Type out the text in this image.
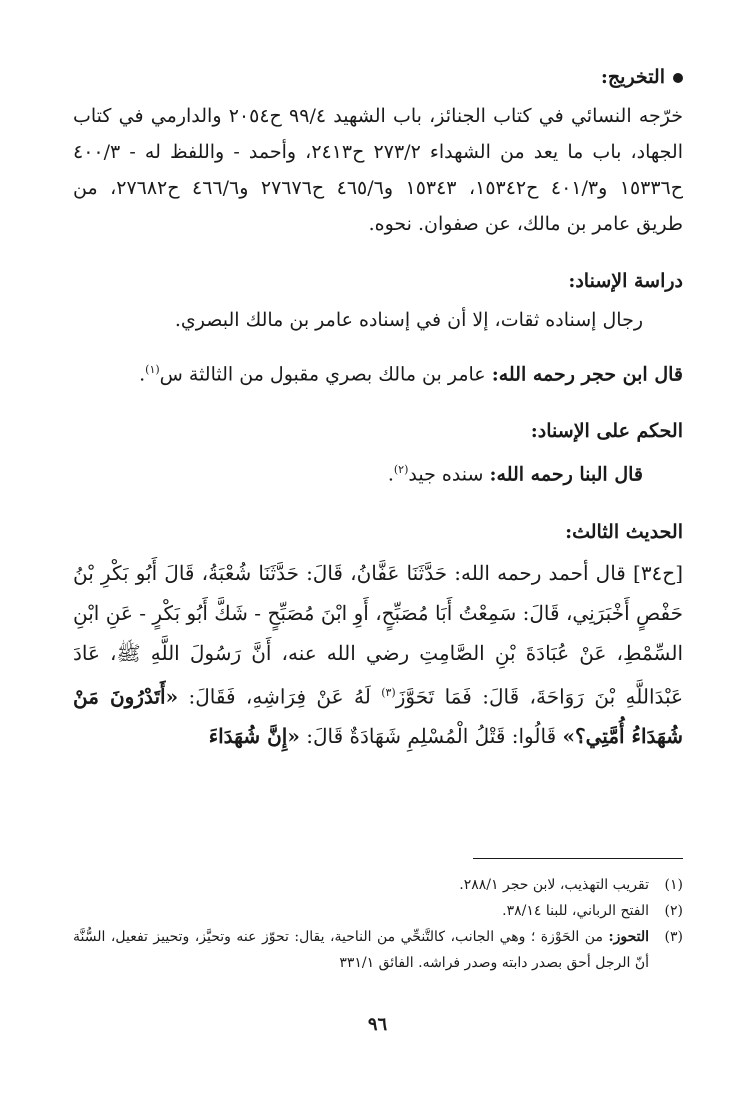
التخريج:
خرّجه النسائي في كتاب الجنائز، باب الشهيد ٩٩/٤ ح٢٠٥٤ والدارمي في كتاب الجهاد، باب ما يعد من الشهداء ٢٧٣/٢ ح٢٤١٣، وأحمد - واللفظ له - ٤٠٠/٣ ح١٥٣٣٦ و٤٠١/٣ ح١٥٣٤٢، ١٥٣٤٣ و٤٦٥/٦ ح٢٧٦٧٦ و٤٦٦/٦ ح٢٧٦٨٢، من طريق عامر بن مالك، عن صفوان. نحوه.
دراسة الإسناد:
رجال إسناده ثقات، إلا أن في إسناده عامر بن مالك البصري.
قال ابن حجر رحمه الله: عامر بن مالك بصري مقبول من الثالثة س$^{(١)}$.
الحكم على الإسناد:
قال البنا رحمه الله: سنده جيد$^{(٢)}$.
الحديث الثالث:
[ح٣٤] قال أحمد رحمه الله: حَدَّثَنَا عَفَّانُ، قَالَ: حَدَّثَنَا شُعْبَةُ، قَالَ أَبُو بَكْرِ بْنُ حَفْصٍ أَخْبَرَنِي، قَالَ: سَمِعْتُ أَبَا مُصَبِّحٍ، أَوِ ابْنَ مُصَبِّحٍ - شَكَّ أَبُو بَكْرٍ - عَنِ ابْنِ السِّمْطِ، عَنْ عُبَادَةَ بْنِ الصَّامِتِ رضي الله عنه، أَنَّ رَسُولَ اللَّهِ ﷺ، عَادَ عَبْدَاللَّهِ بْنَ رَوَاحَةَ، قَالَ: فَمَا تَحَوَّزَ$^{(٣)}$ لَهُ عَنْ فِرَاشِهِ، فَقَالَ: «أَتَدْرُونَ مَنْ شُهَدَاءُ أُمَّتِي؟» قَالُوا: قَتْلُ الْمُسْلِمِ شَهَادَةٌ قَالَ: «إِنَّ شُهَدَاءَ
(١)
تقريب التهذيب، لابن حجر ٢٨٨/١.
(٢)
الفتح الرباني، للبنا ٣٨/١٤.
(٣)
التحوز: من الحَوْزة ؛ وهي الجانب، كالتَّنحِّي من الناحية، يقال: تحوّز عنه وتحيَّز، وتحييز تفعيل، السُّنَّة أنّ الرجل أحق بصدر دابته وصدر فراشه. الفائق ٣٣١/١
٩٦
